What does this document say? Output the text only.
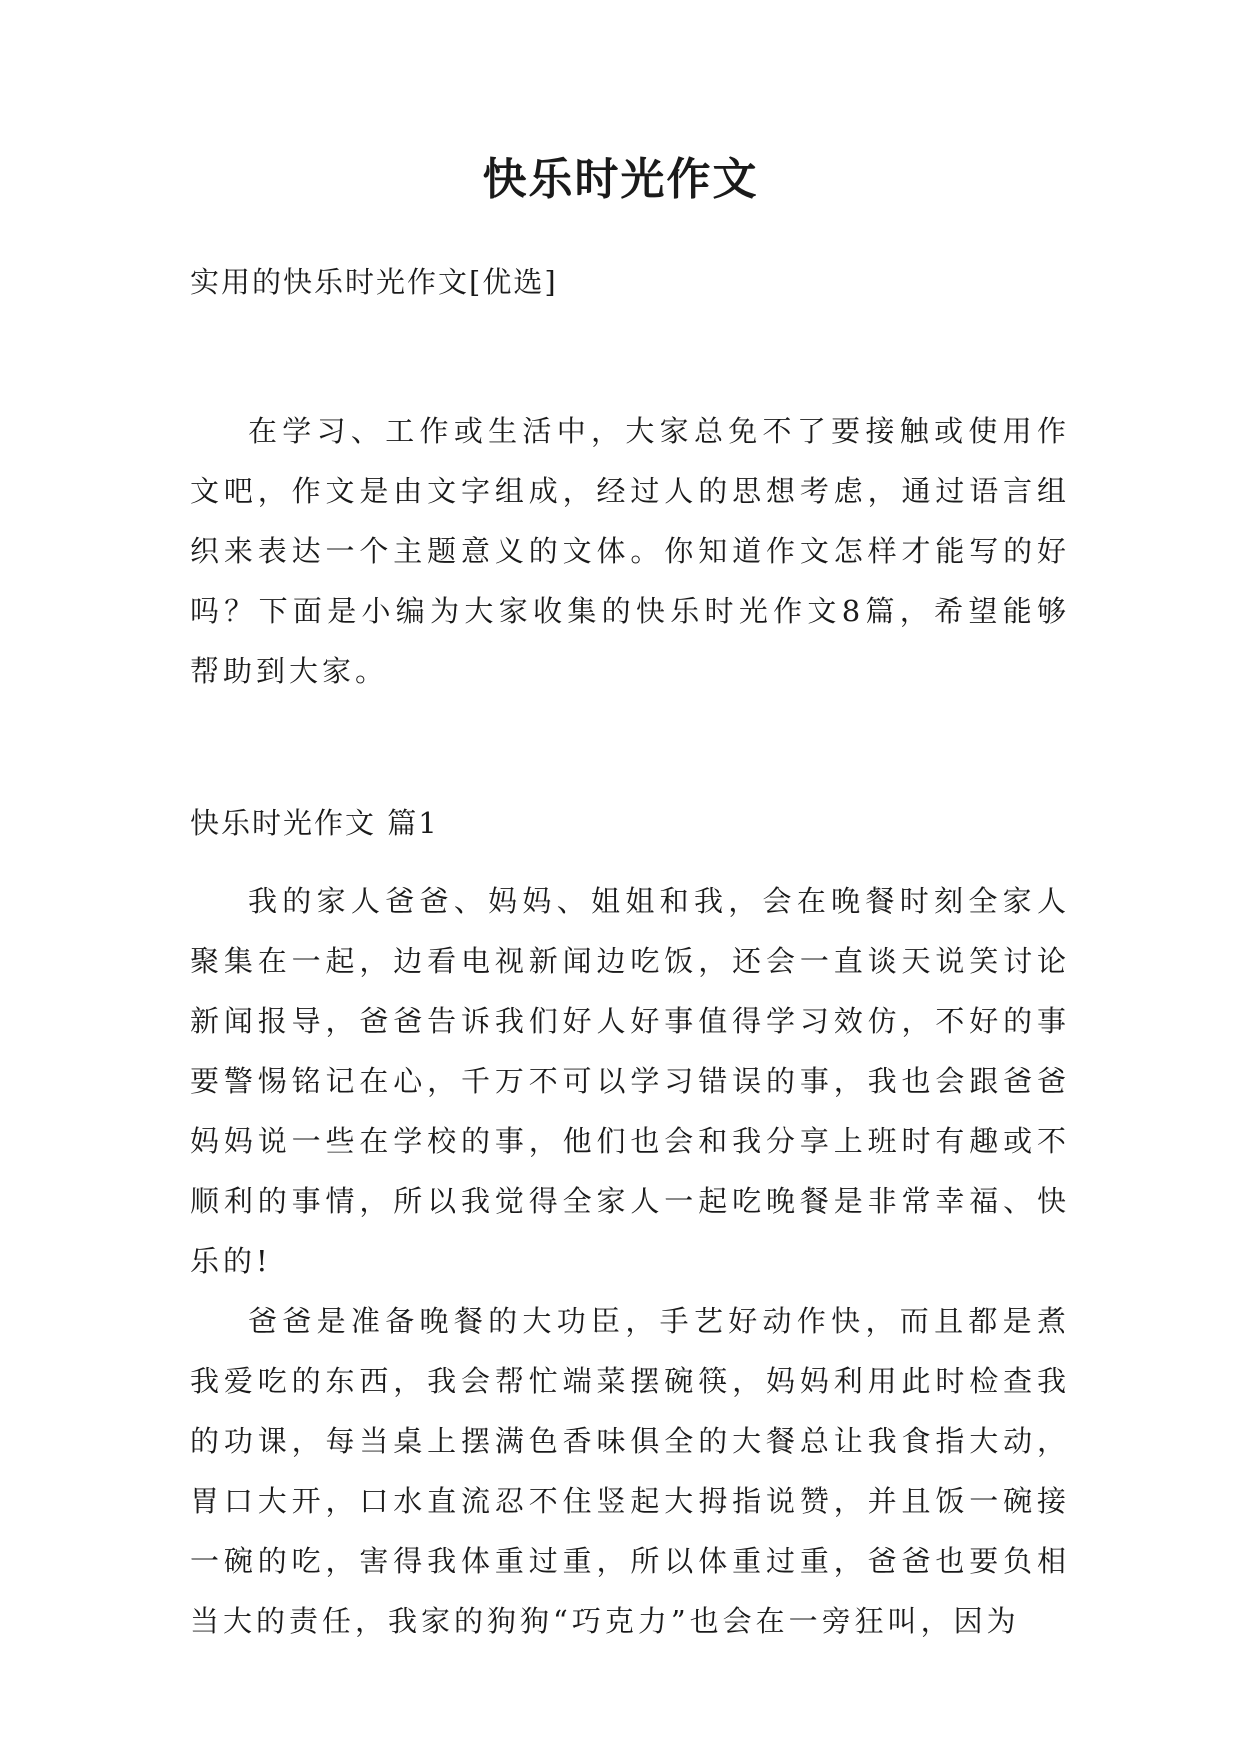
快乐时光作文
实用的快乐时光作文[优选]

在学习、工作或生活中，大家总免不了要接触或使用作文吧，作文是由文字组成，经过人的思想考虑，通过语言组织来表达一个主题意义的文体。你知道作文怎样才能写的好吗？下面是小编为大家收集的快乐时光作文8篇，希望能够帮助到大家。

快乐时光作文 篇1

我的家人爸爸、妈妈、姐姐和我，会在晚餐时刻全家人聚集在一起，边看电视新闻边吃饭，还会一直谈天说笑讨论新闻报导，爸爸告诉我们好人好事值得学习效仿，不好的事要警惕铭记在心，千万不可以学习错误的事，我也会跟爸爸妈妈说一些在学校的事，他们也会和我分享上班时有趣或不顺利的事情，所以我觉得全家人一起吃晚餐是非常幸福、快乐的!

爸爸是准备晚餐的大功臣，手艺好动作快，而且都是煮我爱吃的东西，我会帮忙端菜摆碗筷，妈妈利用此时检查我的功课，每当桌上摆满色香味俱全的大餐总让我食指大动，胃口大开，口水直流忍不住竖起大拇指说赞，并且饭一碗接一碗的吃，害得我体重过重，所以体重过重，爸爸也要负相当大的责任，我家的狗狗“巧克力”也会在一旁狂叫，因为
